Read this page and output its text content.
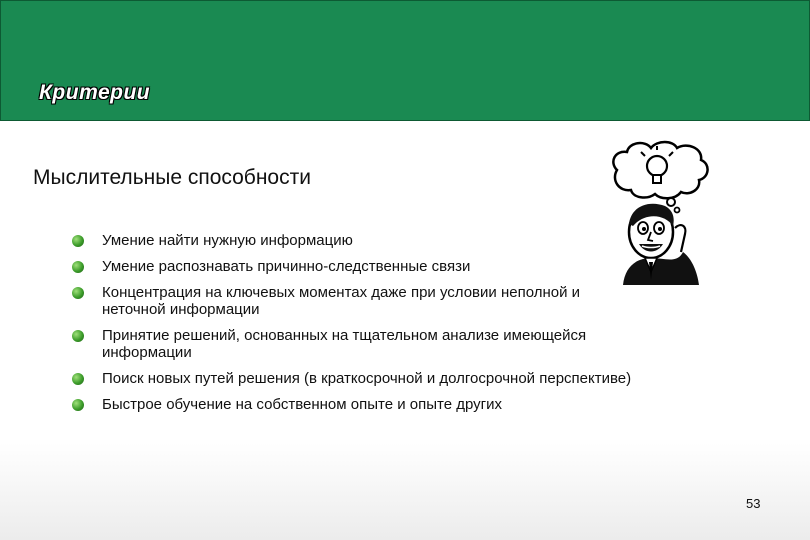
Критерии
Мыслительные способности
Умение найти нужную информацию
Умение распознавать причинно-следственные связи
Концентрация на ключевых моментах даже при условии неполной и неточной информации
Принятие решений, основанных на тщательном анализе имеющейся информации
Поиск новых путей решения (в краткосрочной и долгосрочной перспективе)
Быстрое обучение на собственном опыте и опыте других
53
